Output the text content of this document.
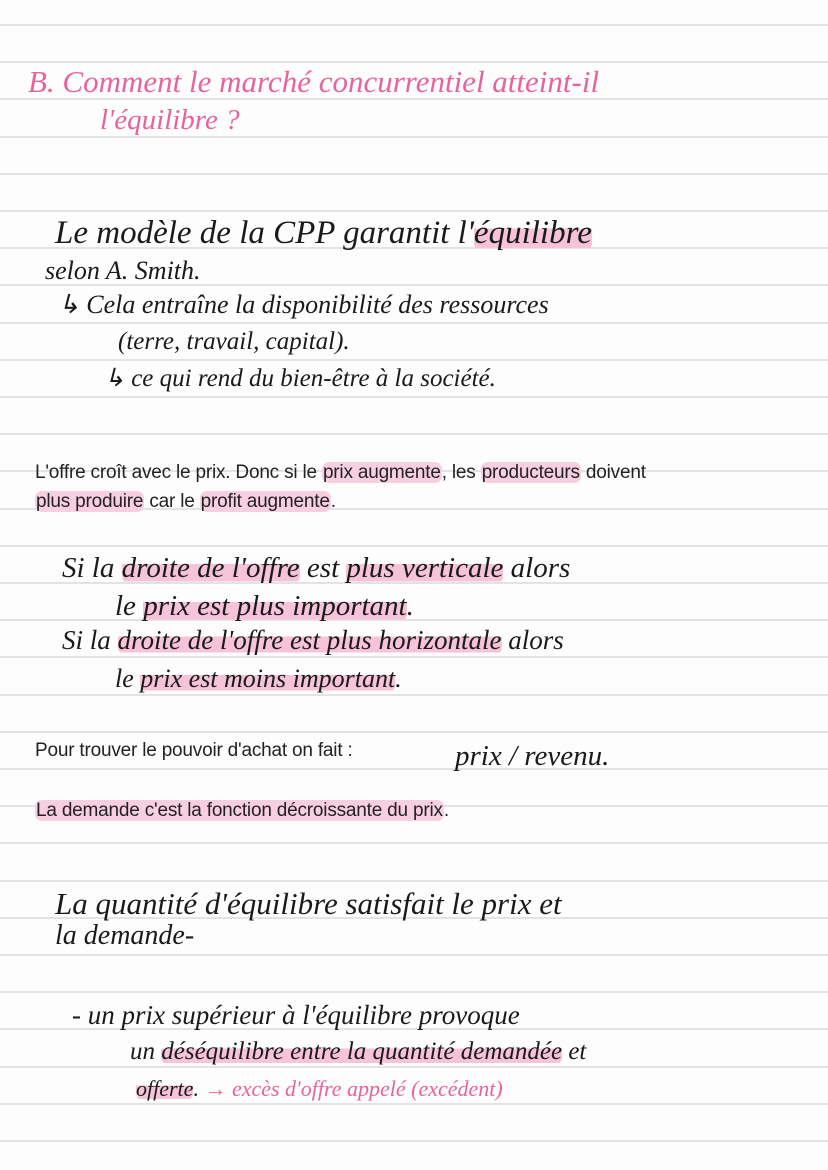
B. Comment le marché concurrentiel atteint-il
l'équilibre ?
Le modèle de la CPP garantit l'équilibre
selon A. Smith.
↳ Cela entraîne la disponibilité des ressources
(terre, travail, capital).
↳ ce qui rend du bien-être à la société.
L'offre croît avec le prix. Donc si le prix augmente, les producteurs doivent
plus produire car le profit augmente.
Si la droite de l'offre est plus verticale alors
le prix est plus important.
Si la droite de l'offre est plus horizontale alors
le prix est moins important.
Pour trouver le pouvoir d'achat on fait :	prix / revenu.
La demande c'est la fonction décroissante du prix.
La quantité d'équilibre satisfait le prix et
la demande-
- un prix supérieur à l'équilibre provoque
un déséquilibre entre la quantité demandée et
offerte. → excès d'offre appelé (excédent)
